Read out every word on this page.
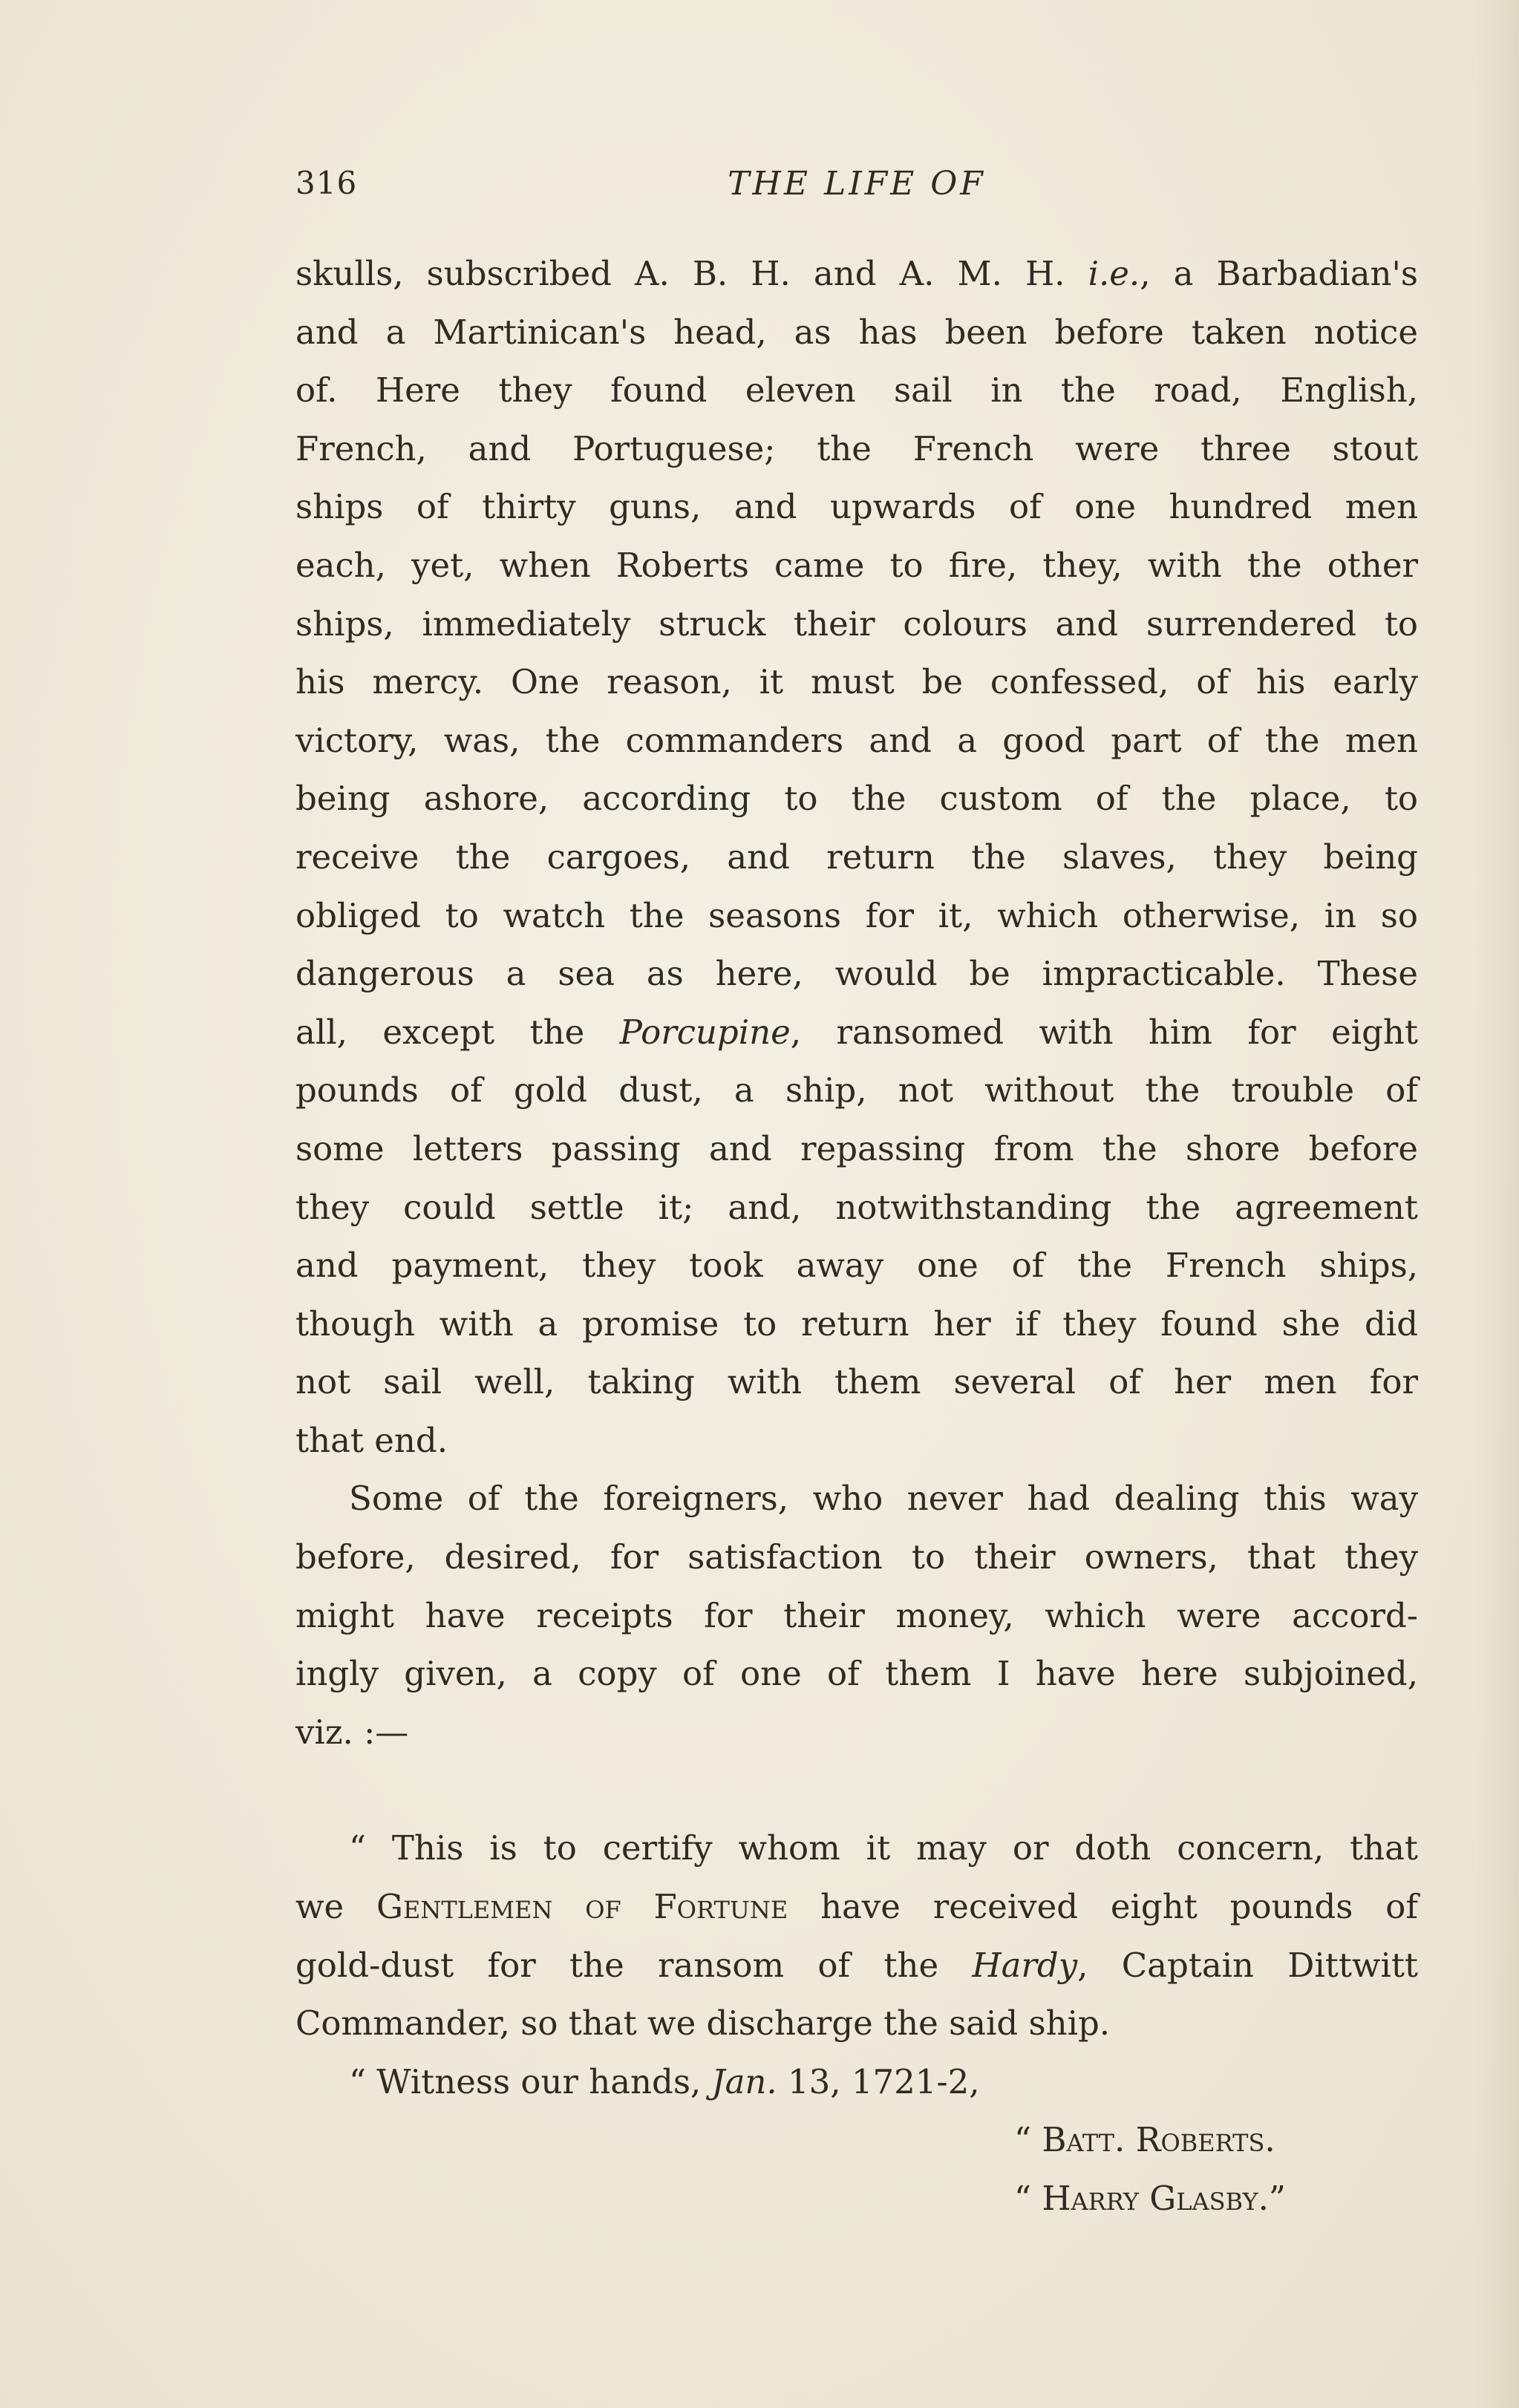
316	THE LIFE OF
skulls, subscribed A. B. H. and A. M. H. i.e., a Barbadian's
and a Martinican's head, as has been before taken notice
of. Here they found eleven sail in the road, English,
French, and Portuguese; the French were three stout
ships of thirty guns, and upwards of one hundred men
each, yet, when Roberts came to fire, they, with the other
ships, immediately struck their colours and surrendered to
his mercy. One reason, it must be confessed, of his early
victory, was, the commanders and a good part of the men
being ashore, according to the custom of the place, to
receive the cargoes, and return the slaves, they being
obliged to watch the seasons for it, which otherwise, in so
dangerous a sea as here, would be impracticable. These
all, except the Porcupine, ransomed with him for eight
pounds of gold dust, a ship, not without the trouble of
some letters passing and repassing from the shore before
they could settle it; and, notwithstanding the agreement
and payment, they took away one of the French ships,
though with a promise to return her if they found she did
not sail well, taking with them several of her men for
that end.
Some of the foreigners, who never had dealing this way
before, desired, for satisfaction to their owners, that they
might have receipts for their money, which were accord-
ingly given, a copy of one of them I have here subjoined,
viz. :—
“ This is to certify whom it may or doth concern, that
we Gentlemen of Fortune have received eight pounds of
gold-dust for the ransom of the Hardy, Captain Dittwitt
Commander, so that we discharge the said ship.
“ Witness our hands, Jan. 13, 1721-2,
“ Batt. Roberts.
“ Harry Glasby.”
